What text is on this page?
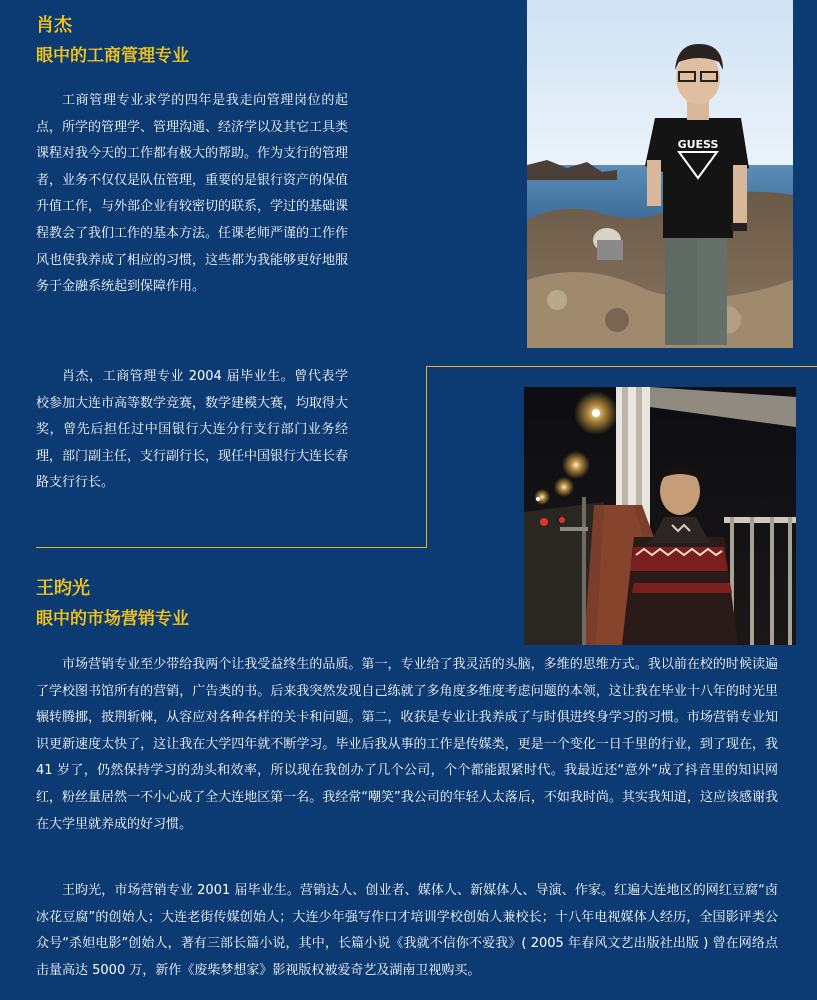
肖杰
眼中的工商管理专业

工商管理专业求学的四年是我走向管理岗位的起点，所学的管理学、管理沟通、经济学以及其它工具类课程对我今天的工作都有极大的帮助。作为支行的管理者，业务不仅仅是队伍管理，重要的是银行资产的保值升值工作，与外部企业有较密切的联系，学过的基础课程教会了我们工作的基本方法。任课老师严谨的工作作风也使我养成了相应的习惯，这些都为我能够更好地服务于金融系统起到保障作用。

GUESS

肖杰，工商管理专业 2004 届毕业生。曾代表学校参加大连市高等数学竞赛，数学建模大赛，均取得大奖，曾先后担任过中国银行大连分行支行部门业务经理，部门副主任，支行副行长，现任中国银行大连长春路支行行长。

王昀光
眼中的市场营销专业

市场营销专业至少带给我两个让我受益终生的品质。第一，专业给了我灵活的头脑，多维的思维方式。我以前在校的时候读遍了学校图书馆所有的营销，广告类的书。后来我突然发现自己练就了多角度多维度考虑问题的本领，这让我在毕业十八年的时光里辗转腾挪，披荆斩棘，从容应对各种各样的关卡和问题。第二，收获是专业让我养成了与时俱进终身学习的习惯。市场营销专业知识更新速度太快了，这让我在大学四年就不断学习。毕业后我从事的工作是传媒类，更是一个变化一日千里的行业，到了现在，我 41 岁了，仍然保持学习的劲头和效率，所以现在我创办了几个公司，个个都能跟紧时代。我最近还“意外”成了抖音里的知识网红，粉丝量居然一不小心成了全大连地区第一名。我经常“嘲笑”我公司的年轻人太落后，不如我时尚。其实我知道，这应该感谢我在大学里就养成的好习惯。

王昀光，市场营销专业 2001 届毕业生。营销达人、创业者、媒体人、新媒体人、导演、作家。红遍大连地区的网红豆腐“卤冰花豆腐”的创始人；大连老街传媒创始人；大连少年强写作口才培训学校创始人兼校长；十八年电视媒体人经历，全国影评类公众号“杀妲电影”创始人，著有三部长篇小说，其中，长篇小说《我就不信你不爱我》( 2005 年春风文艺出版社出版 ) 曾在网络点击量高达 5000 万，新作《废柴梦想家》影视版权被爱奇艺及湖南卫视购买。
